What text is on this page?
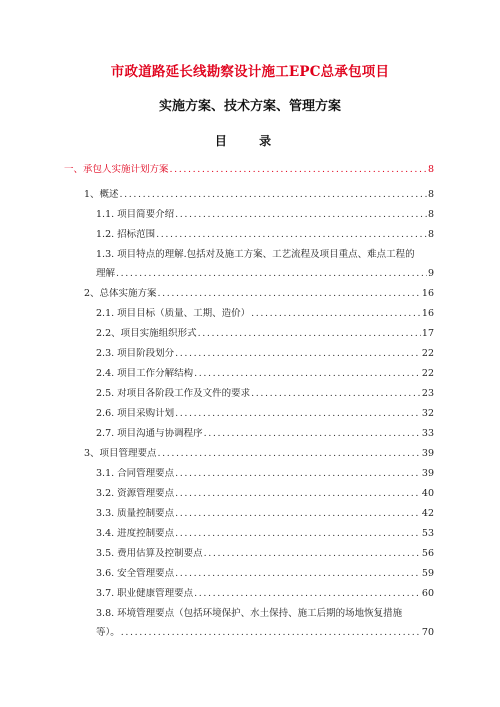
市政道路延长线勘察设计施工EPC总承包项目
实施方案、技术方案、管理方案
目 录
一、承包人实施计划方案 .....	8
1、概述 .....	8
1.1. 项目简要介绍 .....	8
1.2. 招标范围 .....	8
1.3. 项目特点的理解.包括对及施工方案、工艺流程及项目重点、难点工程的
理解 .....	9
2、总体实施方案 .....	16
2.1. 项目目标（质量、工期、造价） .....	16
2.2、项目实施组织形式 .....	17
2.3. 项目阶段划分 .....	22
2.4. 项目工作分解结构 .....	22
2.5. 对项目各阶段工作及文件的要求 .....	23
2.6. 项目采购计划 .....	32
2.7. 项目沟通与协调程序 .....	33
3、项目管理要点 .....	39
3.1. 合同管理要点 .....	39
3.2. 资源管理要点 .....	40
3.3. 质量控制要点 .....	42
3.4. 进度控制要点 .....	53
3.5. 费用估算及控制要点 .....	56
3.6. 安全管理要点 .....	59
3.7. 职业健康管理要点 .....	60
3.8. 环境管理要点（包括环境保护、水土保持、施工后期的场地恢复措施
等）。 .....	70
